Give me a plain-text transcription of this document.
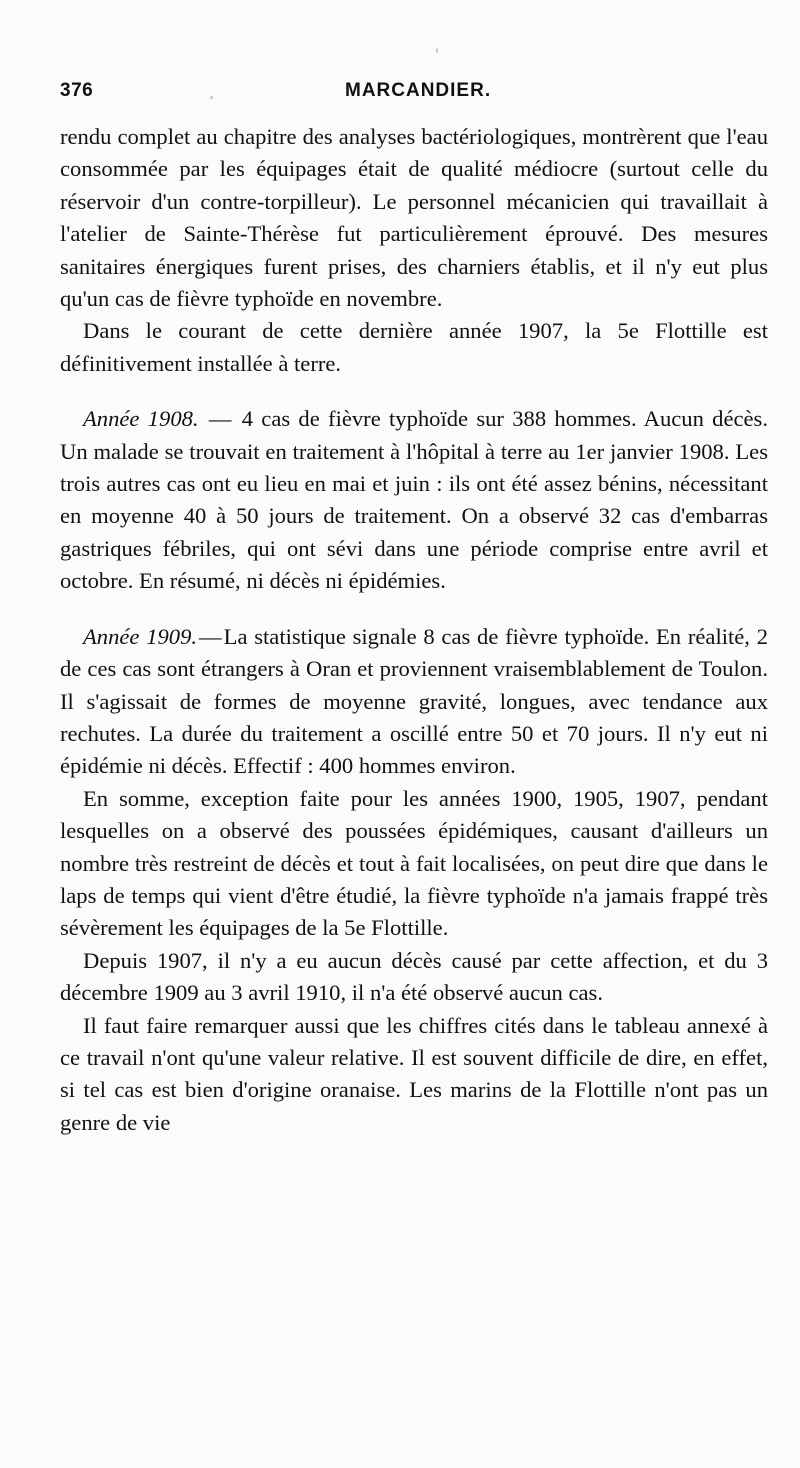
376	MARCANDIER.

rendu complet au chapitre des analyses bactériologiques, montrèrent que l'eau consommée par les équipages était de qualité médiocre (surtout celle du réservoir d'un contre-torpilleur). Le personnel mécanicien qui travaillait à l'atelier de Sainte-Thérèse fut particulièrement éprouvé. Des mesures sanitaires énergiques furent prises, des charniers établis, et il n'y eut plus qu'un cas de fièvre typhoïde en novembre.

Dans le courant de cette dernière année 1907, la 5e Flottille est définitivement installée à terre.

Année 1908. — 4 cas de fièvre typhoïde sur 388 hommes. Aucun décès. Un malade se trouvait en traitement à l'hôpital à terre au 1er janvier 1908. Les trois autres cas ont eu lieu en mai et juin : ils ont été assez bénins, nécessitant en moyenne 40 à 50 jours de traitement. On a observé 32 cas d'embarras gastriques fébriles, qui ont sévi dans une période comprise entre avril et octobre. En résumé, ni décès ni épidémies.

Année 1909.—La statistique signale 8 cas de fièvre typhoïde. En réalité, 2 de ces cas sont étrangers à Oran et proviennent vraisemblablement de Toulon. Il s'agissait de formes de moyenne gravité, longues, avec tendance aux rechutes. La durée du traitement a oscillé entre 50 et 70 jours. Il n'y eut ni épidémie ni décès. Effectif : 400 hommes environ.

En somme, exception faite pour les années 1900, 1905, 1907, pendant lesquelles on a observé des poussées épidémiques, causant d'ailleurs un nombre très restreint de décès et tout à fait localisées, on peut dire que dans le laps de temps qui vient d'être étudié, la fièvre typhoïde n'a jamais frappé très sévèrement les équipages de la 5e Flottille.

Depuis 1907, il n'y a eu aucun décès causé par cette affection, et du 3 décembre 1909 au 3 avril 1910, il n'a été observé aucun cas.

Il faut faire remarquer aussi que les chiffres cités dans le tableau annexé à ce travail n'ont qu'une valeur relative. Il est souvent difficile de dire, en effet, si tel cas est bien d'origine oranaise. Les marins de la Flottille n'ont pas un genre de vie
